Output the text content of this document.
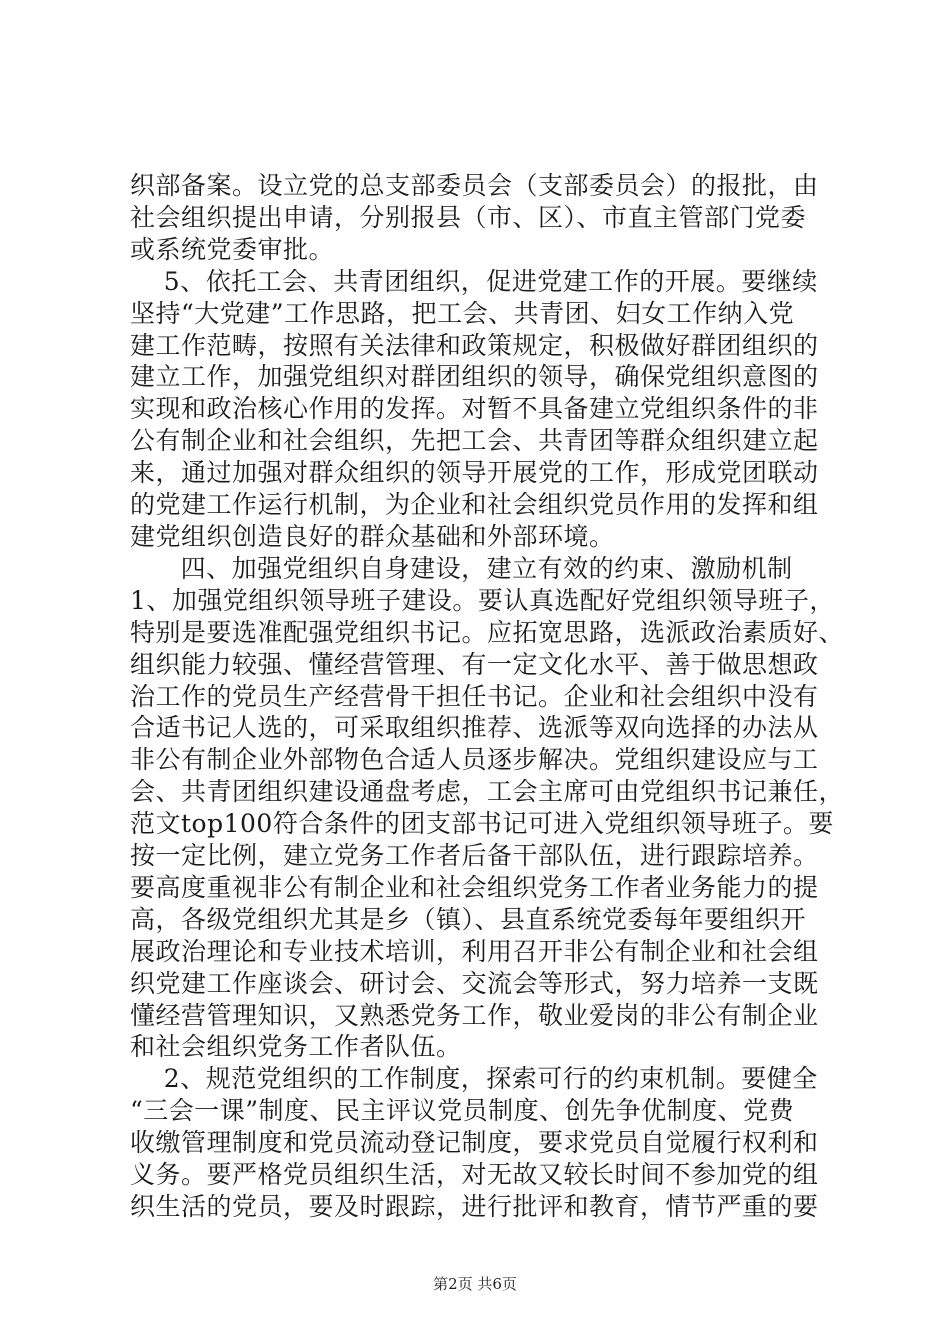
织部备案。设立党的总支部委员会（支部委员会）的报批，由
社会组织提出申请，分别报县（市、区）、市直主管部门党委
或系统党委审批。
5、依托工会、共青团组织，促进党建工作的开展。要继续
坚持“大党建”工作思路，把工会、共青团、妇女工作纳入党
建工作范畴，按照有关法律和政策规定，积极做好群团组织的
建立工作，加强党组织对群团组织的领导，确保党组织意图的
实现和政治核心作用的发挥。对暂不具备建立党组织条件的非
公有制企业和社会组织，先把工会、共青团等群众组织建立起
来，通过加强对群众组织的领导开展党的工作，形成党团联动
的党建工作运行机制，为企业和社会组织党员作用的发挥和组
建党组织创造良好的群众基础和外部环境。
四、加强党组织自身建设，建立有效的约束、激励机制
1、加强党组织领导班子建设。要认真选配好党组织领导班子，
特别是要选准配强党组织书记。应拓宽思路，选派政治素质好、
组织能力较强、懂经营管理、有一定文化水平、善于做思想政
治工作的党员生产经营骨干担任书记。企业和社会组织中没有
合适书记人选的，可采取组织推荐、选派等双向选择的办法从
非公有制企业外部物色合适人员逐步解决。党组织建设应与工
会、共青团组织建设通盘考虑，工会主席可由党组织书记兼任，
范文top100符合条件的团支部书记可进入党组织领导班子。要
按一定比例，建立党务工作者后备干部队伍，进行跟踪培养。
要高度重视非公有制企业和社会组织党务工作者业务能力的提
高，各级党组织尤其是乡（镇）、县直系统党委每年要组织开
展政治理论和专业技术培训，利用召开非公有制企业和社会组
织党建工作座谈会、研讨会、交流会等形式，努力培养一支既
懂经营管理知识，又熟悉党务工作，敬业爱岗的非公有制企业
和社会组织党务工作者队伍。
2、规范党组织的工作制度，探索可行的约束机制。要健全
“三会一课”制度、民主评议党员制度、创先争优制度、党费
收缴管理制度和党员流动登记制度，要求党员自觉履行权利和
义务。要严格党员组织生活，对无故又较长时间不参加党的组
织生活的党员，要及时跟踪，进行批评和教育，情节严重的要
第2页 共6页
